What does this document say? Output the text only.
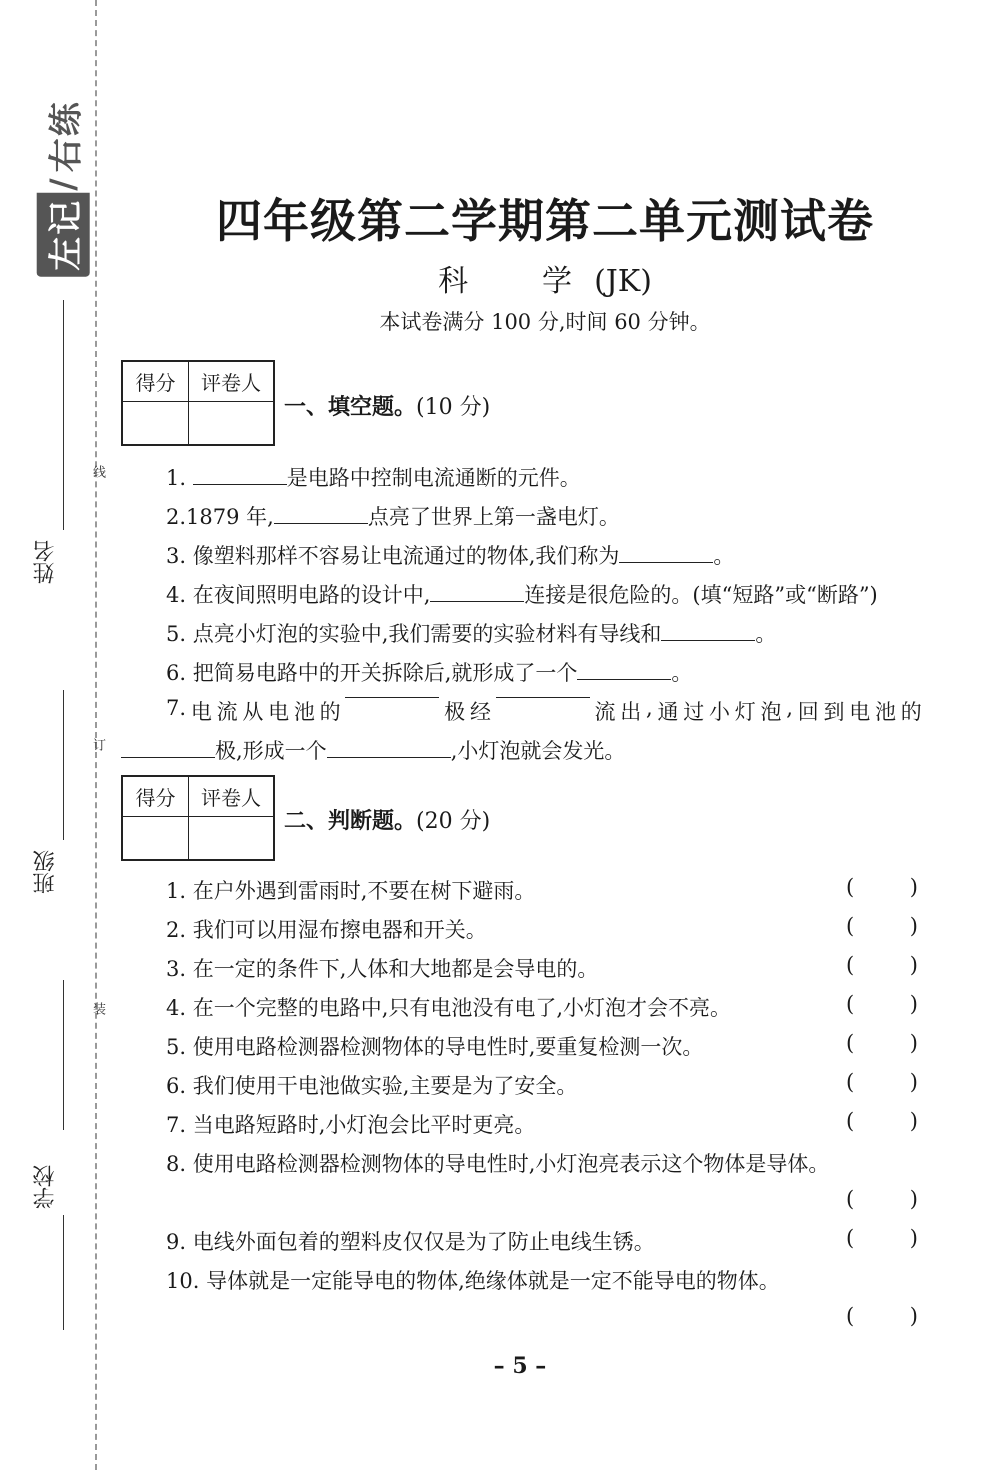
左记
/
右练
姓名
班级
学校
线
订
装
四年级第二学期第二单元测试卷
科　学(JK)
本试卷满分 100 分,时间 60 分钟。
得分	评卷人
一、填空题。(10 分)
1.	是电路中控制电流通断的元件。
2.1879 年,	点亮了世界上第一盏电灯。
3. 像塑料那样不容易让电流通过的物体,我们称为	。
4. 在夜间照明电路的设计中,	连接是很危险的。(填“短路”或“断路”)
5. 点亮小灯泡的实验中,我们需要的实验材料有导线和	。
6. 把简易电路中的开关拆除后,就形成了一个	。
7. 电 流 从 电 池 的	极 经	流 出 , 通 过 小 灯 泡 , 回 到 电 池 的
极,形成一个	,小灯泡就会发光。
得分	评卷人
二、判断题。(20 分)
1. 在户外遇到雷雨时,不要在树下避雨。	(	)
2. 我们可以用湿布擦电器和开关。	(	)
3. 在一定的条件下,人体和大地都是会导电的。	(	)
4. 在一个完整的电路中,只有电池没有电了,小灯泡才会不亮。	(	)
5. 使用电路检测器检测物体的导电性时,要重复检测一次。	(	)
6. 我们使用干电池做实验,主要是为了安全。	(	)
7. 当电路短路时,小灯泡会比平时更亮。	(	)
8. 使用电路检测器检测物体的导电性时,小灯泡亮表示这个物体是导体。
(	)
9. 电线外面包着的塑料皮仅仅是为了防止电线生锈。	(	)
10. 导体就是一定能导电的物体,绝缘体就是一定不能导电的物体。
(	)
– 5 –
